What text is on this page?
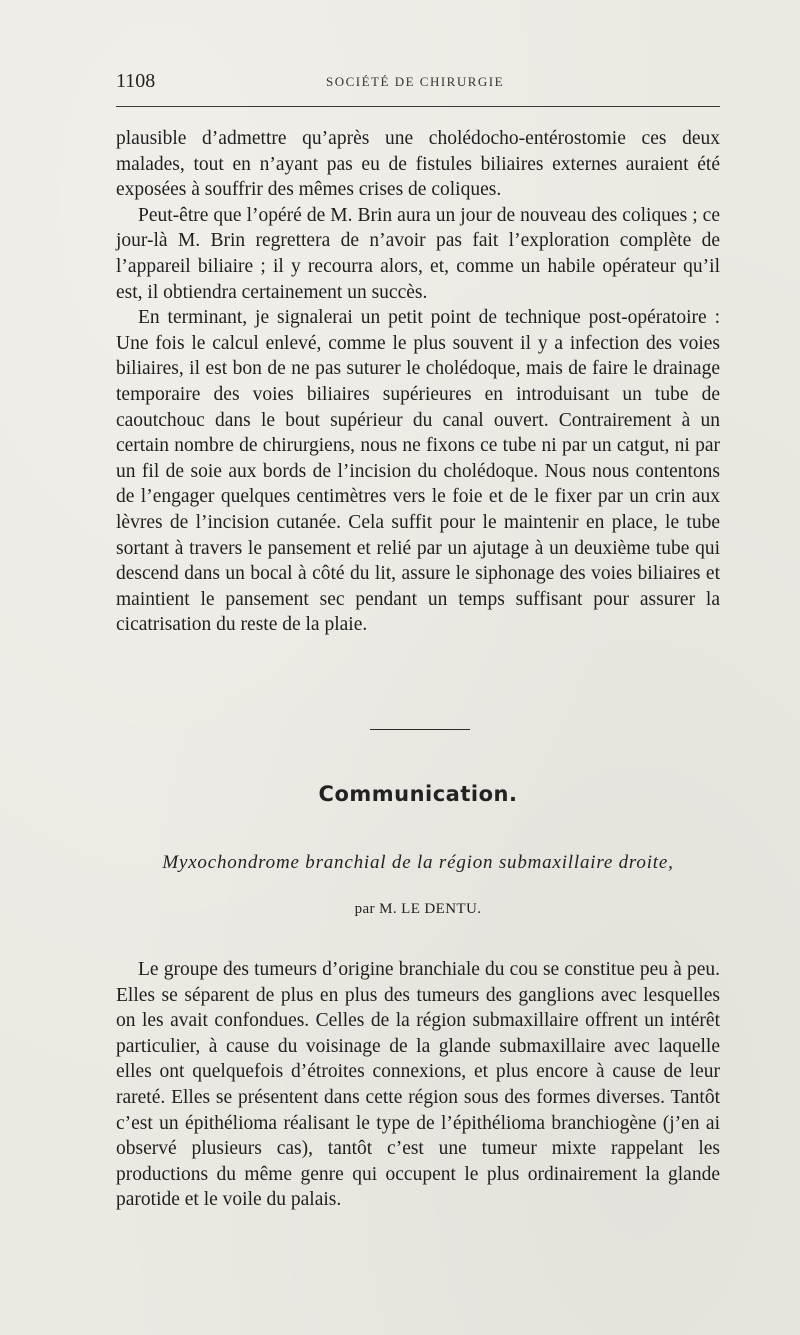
1108	SOCIÉTÉ DE CHIRURGIE

plausible d’admettre qu’après une cholédocho-entérostomie ces deux malades, tout en n’ayant pas eu de fistules biliaires externes auraient été exposées à souffrir des mêmes crises de coliques.

Peut-être que l’opéré de M. Brin aura un jour de nouveau des coliques ; ce jour-là M. Brin regrettera de n’avoir pas fait l’exploration complète de l’appareil biliaire ; il y recourra alors, et, comme un habile opérateur qu’il est, il obtiendra certainement un succès.

En terminant, je signalerai un petit point de technique post-opératoire : Une fois le calcul enlevé, comme le plus souvent il y a infection des voies biliaires, il est bon de ne pas suturer le cholédoque, mais de faire le drainage temporaire des voies biliaires supérieures en introduisant un tube de caoutchouc dans le bout supérieur du canal ouvert. Contrairement à un certain nombre de chirurgiens, nous ne fixons ce tube ni par un catgut, ni par un fil de soie aux bords de l’incision du cholédoque. Nous nous contentons de l’engager quelques centimètres vers le foie et de le fixer par un crin aux lèvres de l’incision cutanée. Cela suffit pour le maintenir en place, le tube sortant à travers le pansement et relié par un ajutage à un deuxième tube qui descend dans un bocal à côté du lit, assure le siphonage des voies biliaires et maintient le pansement sec pendant un temps suffisant pour assurer la cicatrisation du reste de la plaie.

Communication.
Myxochondrome branchial de la région submaxillaire droite,
par M. LE DENTU.

Le groupe des tumeurs d’origine branchiale du cou se constitue peu à peu. Elles se séparent de plus en plus des tumeurs des ganglions avec lesquelles on les avait confondues. Celles de la région submaxillaire offrent un intérêt particulier, à cause du voisinage de la glande submaxillaire avec laquelle elles ont quelquefois d’étroites connexions, et plus encore à cause de leur rareté. Elles se présentent dans cette région sous des formes diverses. Tantôt c’est un épithélioma réalisant le type de l’épithélioma branchiogène (j’en ai observé plusieurs cas), tantôt c’est une tumeur mixte rappelant les productions du même genre qui occupent le plus ordinairement la glande parotide et le voile du palais.
